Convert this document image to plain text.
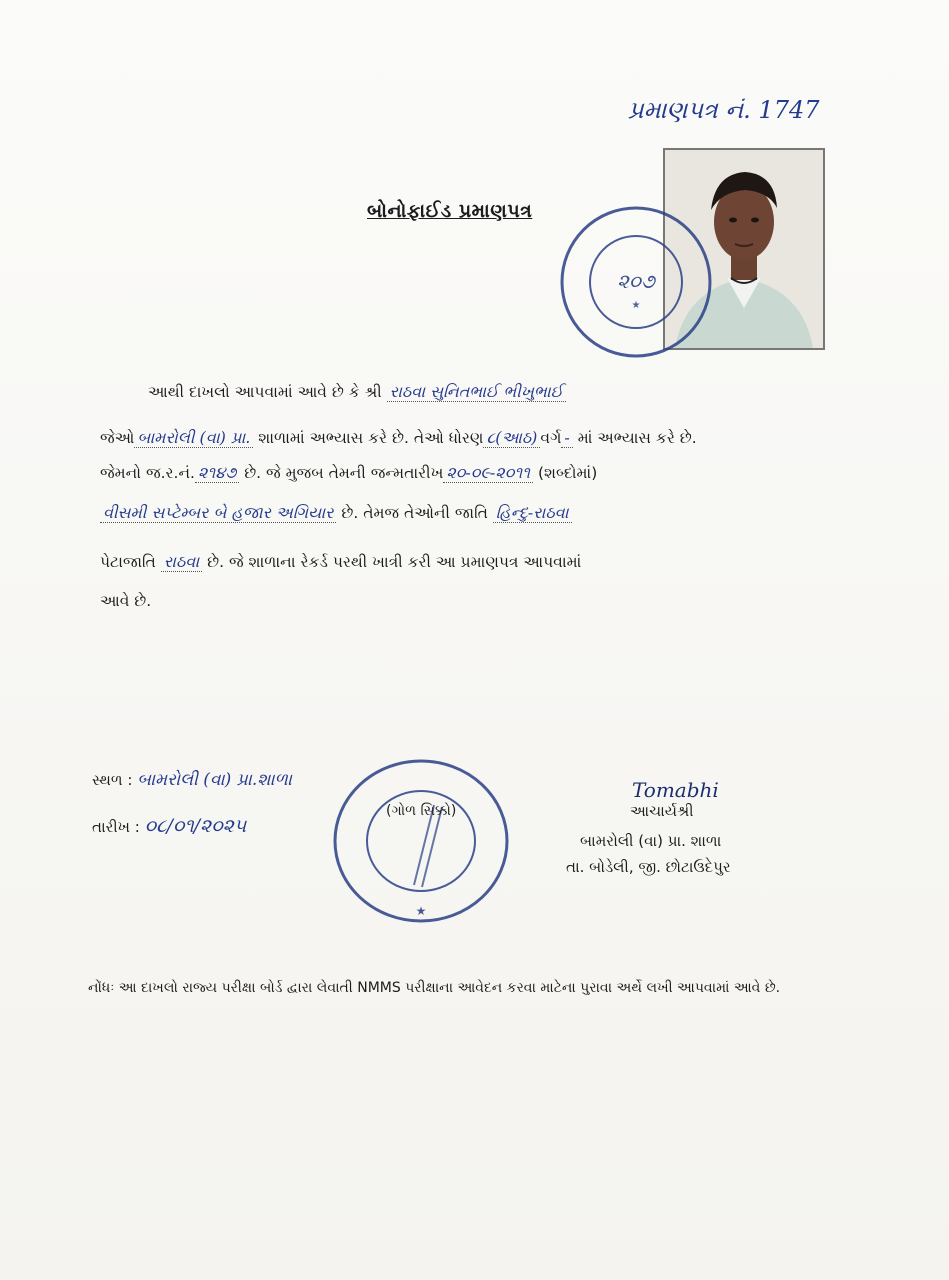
પ્રમાણપત્ર નં. 1747
બોનોફાઈડ પ્રમાણપત્ર
૨૦૭
★
આથી દાખલો આપવામાં આવે છે કે શ્રી રાઠવા સુનિતભાઈ ભીખુભાઈ
જેઓ બામરોલી (વા) પ્રા. શાળામાં અભ્યાસ કરે છે. તેઓ ધોરણ ૮(આઠ) વર્ગ - માં અભ્યાસ કરે છે.
જેમનો જ.ર.નં. ૨૧૪૭ છે. જે મુજબ તેમની જન્મતારીખ ૨૦-૦૯-૨૦૧૧ (શબ્દોમાં)
વીસમી સપ્ટેમ્બર બે હજાર અગિયાર છે. તેમજ તેઓની જાતિ હિન્દુ-રાઠવા
પેટાજાતિ રાઠવા છે. જે શાળાના રેકર્ડ પરથી ખાત્રી કરી આ પ્રમાણપત્ર આપવામાં
આવે છે.
સ્થળ : બામરોલી (વા) પ્રા.શાળા
તારીખ : ૦૮/૦૧/૨૦૨૫
★
(ગોળ સિક્કો)
Tomabhi
આચાર્યશ્રી
બામરોલી (વા) પ્રા. શાળા
તા. બોડેલી, જી. છોટાઉદેપુર
નોંધઃ આ દાખલો રાજ્ય પરીક્ષા બોર્ડ દ્વારા લેવાતી NMMS પરીક્ષાના આવેદન કરવા માટેના પુરાવા અર્થે લખી આપવામાં આવે છે.
